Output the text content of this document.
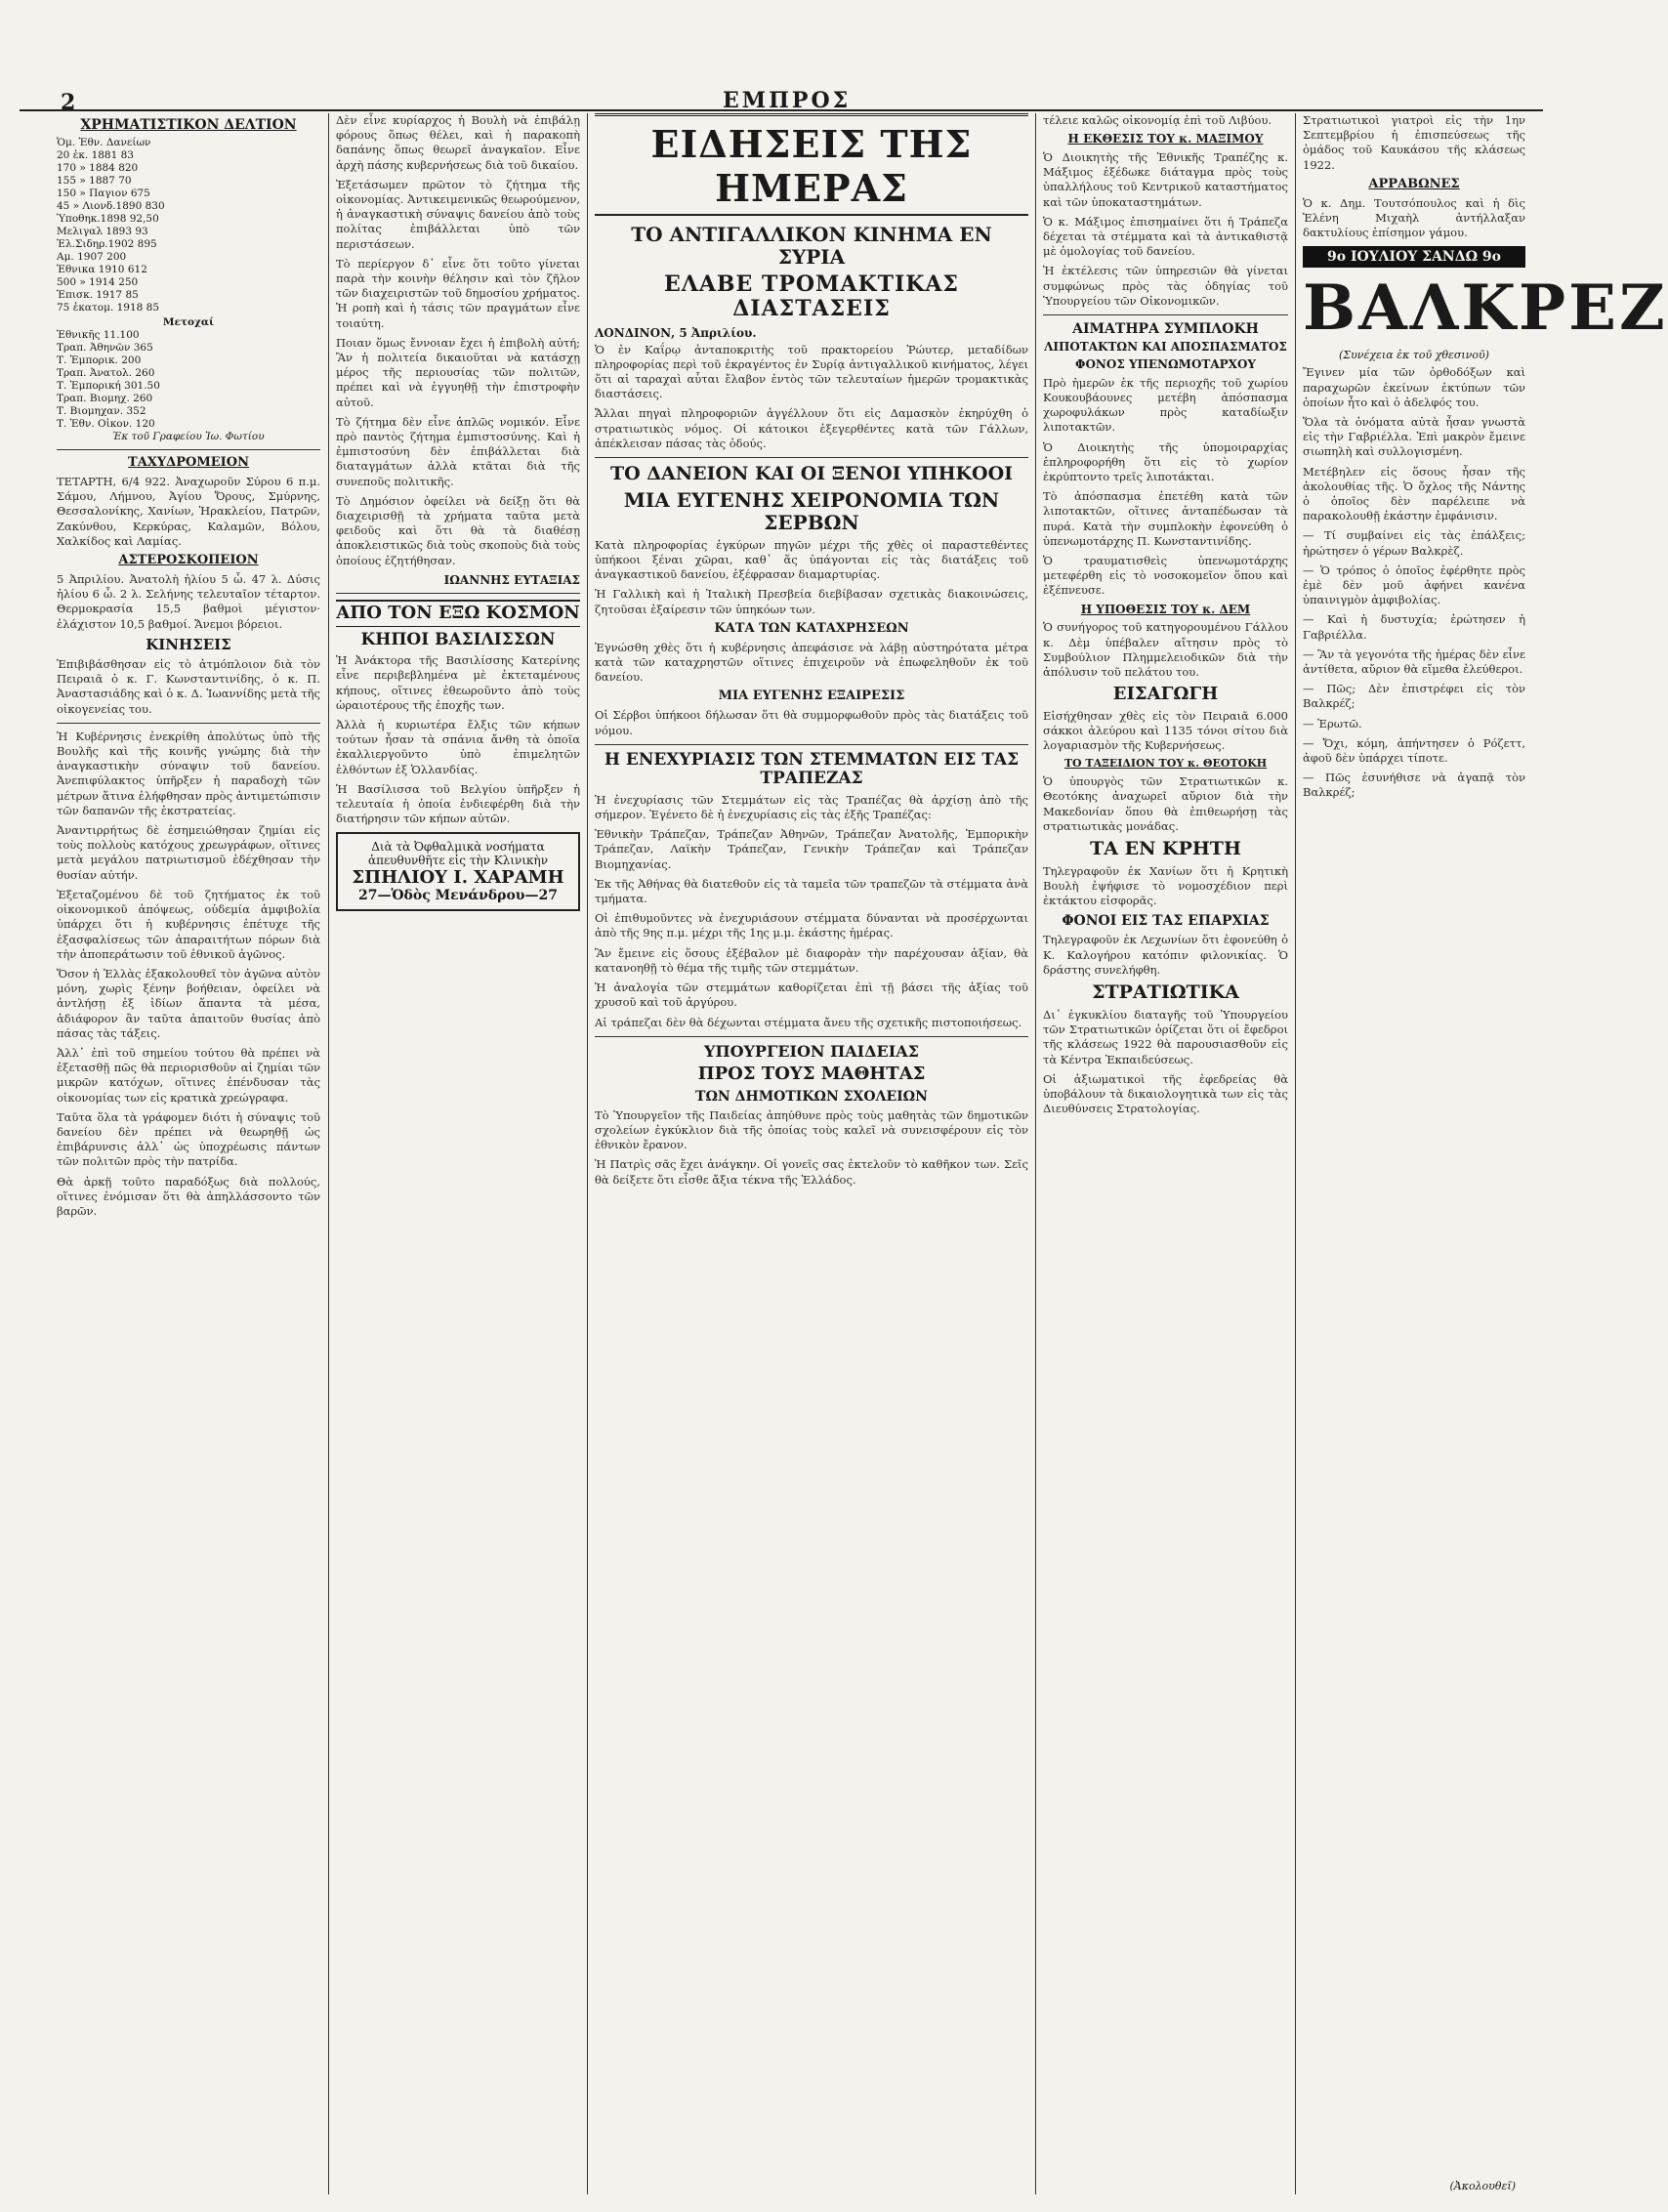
2	ΕΜΠΡΟΣ
ΧΡΗΜΑΤΙΣΤΙΚΟΝ ΔΕΛΤΙΟΝ
Ὁμ. Ἐθν. Δανείων
20 ἑκ. 1881 83
170 » 1884 820
155 » 1887 70
150 » Παγιον 675
45 » Λιονδ.1890 830
Ὑποθηκ.1898 92,50
Μελιγαλ 1893 93
Ἐλ.Σιδηρ.1902 895
Αμ. 1907 200
Ἐθνικα 1910 612
500 » 1914 250
Ἐπισκ. 1917 85
75 ἑκατομ. 1918 85
Μετοχαί
Ἐθνικῆς 11.100
Τραπ. Ἀθηνῶν 365
Τ. Ἐμπορικ. 200
Τραπ. Ἀνατολ. 260
Τ. Ἐμπορική 301.50
Τραπ. Βιομηχ. 260
Τ. Βιομηχαν. 352
Τ. Ἐθν. Οἰκον. 120
Ἐκ τοῦ Γραφείου Ἰω. Φωτίου
ΤΑΧΥΔΡΟΜΕΙΟΝ

ΤΕΤΑΡΤΗ, 6/4 922. Ἀναχωροῦν Σύρου 6 π.μ. Σάμου, Λήμνου, Ἀγίου Ὄρους, Σμύρνης, Θεσσαλονίκης, Χανίων, Ἡρακλείου, Πατρῶν, Ζακύνθου, Κερκύρας, Καλαμῶν, Βόλου, Χαλκίδος καὶ Λαμίας.

ΑΣΤΕΡΟΣΚΟΠΕΙΟΝ

5 Ἀπριλίου. Ἀνατολὴ ἡλίου 5 ὧ. 47 λ. Δύσις ἡλίου 6 ὧ. 2 λ. Σελήνης τελευταῖον τέταρτον. Θερμοκρασία 15,5 βαθμοὶ μέγιστον· ἐλάχιστον 10,5 βαθμοί. Ἄνεμοι βόρειοι.

ΚΙΝΗΣΕΙΣ

Ἐπιβιβάσθησαν εἰς τὸ ἀτμόπλοιον διὰ τὸν Πειραιᾶ ὁ κ. Γ. Κωνσταντινίδης, ὁ κ. Π. Ἀναστασιάδης καὶ ὁ κ. Δ. Ἰωαννίδης μετὰ τῆς οἰκογενείας του.

Ἡ Κυβέρνησις ἐνεκρίθη ἀπολύτως ὑπὸ τῆς Βουλῆς καὶ τῆς κοινῆς γνώμης διὰ τὴν ἀναγκαστικὴν σύναψιν τοῦ δανείου. Ἀνεπιφύλακτος ὑπῆρξεν ἡ παραδοχὴ τῶν μέτρων ἅτινα ἐλήφθησαν πρὸς ἀντιμετώπισιν τῶν δαπανῶν τῆς ἐκστρατείας.

Ἀναντιρρήτως δὲ ἐσημειώθησαν ζημίαι εἰς τοὺς πολλοὺς κατόχους χρεωγράφων, οἵτινες μετὰ μεγάλου πατριωτισμοῦ ἐδέχθησαν τὴν θυσίαν αὐτήν.

Ἐξεταζομένου δὲ τοῦ ζητήματος ἐκ τοῦ οἰκονομικοῦ ἀπόψεως, οὐδεμία ἀμφιβολία ὑπάρχει ὅτι ἡ κυβέρνησις ἐπέτυχε τῆς ἐξασφαλίσεως τῶν ἀπαραιτήτων πόρων διὰ τὴν ἀποπεράτωσιν τοῦ ἐθνικοῦ ἀγῶνος.

Ὅσον ἡ Ἑλλὰς ἐξακολουθεῖ τὸν ἀγῶνα αὐτὸν μόνη, χωρὶς ξένην βοήθειαν, ὀφείλει νὰ ἀντλήσῃ ἐξ ἰδίων ἅπαντα τὰ μέσα, ἀδιάφορον ἂν ταῦτα ἀπαιτοῦν θυσίας ἀπὸ πάσας τὰς τάξεις.

Ἀλλ᾽ ἐπὶ τοῦ σημείου τούτου θὰ πρέπει νὰ ἐξετασθῇ πῶς θὰ περιορισθοῦν αἱ ζημίαι τῶν μικρῶν κατόχων, οἵτινες ἐπένδυσαν τὰς οἰκονομίας των εἰς κρατικὰ χρεώγραφα.

Ταῦτα ὅλα τὰ γράφομεν διότι ἡ σύναψις τοῦ δανείου δὲν πρέπει νὰ θεωρηθῇ ὡς ἐπιβάρυνσις ἀλλ᾽ ὡς ὑποχρέωσις πάντων τῶν πολιτῶν πρὸς τὴν πατρίδα.

Θὰ ἀρκῇ τοῦτο παραδόξως διὰ πολλούς, οἵτινες ἐνόμισαν ὅτι θὰ ἀπηλλάσσοντο τῶν βαρῶν.

Δὲν εἶνε κυρίαρχος ἡ Βουλὴ νὰ ἐπιβάλῃ φόρους ὅπως θέλει, καὶ ἡ παρακοπὴ δαπάνης ὅπως θεωρεῖ ἀναγκαῖον. Εἶνε ἀρχὴ πάσης κυβερνήσεως διὰ τοῦ δικαίου.

Ἐξετάσωμεν πρῶτον τὸ ζήτημα τῆς οἰκονομίας. Ἀντικειμενικῶς θεωρούμενον, ἡ ἀναγκαστικὴ σύναψις δανείου ἀπὸ τοὺς πολίτας ἐπιβάλλεται ὑπὸ τῶν περιστάσεων.

Τὸ περίεργον δ᾽ εἶνε ὅτι τοῦτο γίνεται παρὰ τὴν κοινὴν θέλησιν καὶ τὸν ζῆλον τῶν διαχειριστῶν τοῦ δημοσίου χρήματος. Ἡ ροπὴ καὶ ἡ τάσις τῶν πραγμάτων εἶνε τοιαύτη.

Ποιαν ὅμως ἔννοιαν ἔχει ἡ ἐπιβολὴ αὐτή; Ἂν ἡ πολιτεία δικαιοῦται νὰ κατάσχῃ μέρος τῆς περιουσίας τῶν πολιτῶν, πρέπει καὶ νὰ ἐγγυηθῇ τὴν ἐπιστροφὴν αὐτοῦ.

Τὸ ζήτημα δὲν εἶνε ἁπλῶς νομικόν. Εἶνε πρὸ παντὸς ζήτημα ἐμπιστοσύνης. Καὶ ἡ ἐμπιστοσύνη δὲν ἐπιβάλλεται διὰ διαταγμάτων ἀλλὰ κτᾶται διὰ τῆς συνεποῦς πολιτικῆς.

Τὸ Δημόσιον ὀφείλει νὰ δείξῃ ὅτι θὰ διαχειρισθῇ τὰ χρήματα ταῦτα μετὰ φειδοῦς καὶ ὅτι θὰ τὰ διαθέσῃ ἀποκλειστικῶς διὰ τοὺς σκοποὺς διὰ τοὺς ὁποίους ἐζητήθησαν.

ΙΩΑΝΝΗΣ ΕΥΤΑΞΙΑΣ
ΑΠΟ ΤΟΝ ΕΞΩ ΚΟΣΜΟΝ
ΚΗΠΟΙ ΒΑΣΙΛΙΣΣΩΝ

Ἡ Ἀνάκτορα τῆς Βασιλίσσης Κατερίνης εἶνε περιβεβλημένα μὲ ἐκτεταμένους κήπους, οἵτινες ἐθεωροῦντο ἀπὸ τοὺς ὡραιοτέρους τῆς ἐποχῆς των.

Ἀλλὰ ἡ κυριωτέρα ἔλξις τῶν κήπων τούτων ἦσαν τὰ σπάνια ἄνθη τὰ ὁποῖα ἐκαλλιεργοῦντο ὑπὸ ἐπιμελητῶν ἐλθόντων ἐξ Ὁλλανδίας.

Ἡ Βασίλισσα τοῦ Βελγίου ὑπῆρξεν ἡ τελευταία ἡ ὁποία ἐνδιεφέρθη διὰ τὴν διατήρησιν τῶν κήπων αὐτῶν.

Διὰ τὰ Ὀφθαλμικὰ νοσήματα
ἀπευθυνθῆτε εἰς τὴν Κλινικὴν
ΣΠΗΛΙΟΥ Ι. ΧΑΡΑΜΗ
27—Ὁδὸς Μενάνδρου—27
ΕΙΔΗΣΕΙΣ ΤΗΣ ΗΜΕΡΑΣ
ΤΟ ΑΝΤΙΓΑΛΛΙΚΟΝ ΚΙΝΗΜΑ ΕΝ ΣΥΡΙΑ
ΕΛΑΒΕ ΤΡΟΜΑΚΤΙΚΑΣ ΔΙΑΣΤΑΣΕΙΣ
ΛΟΝΔΙΝΟΝ, 5 Ἀπριλίου.

Ὁ ἐν Καΐρῳ ἀνταποκριτὴς τοῦ πρακτορείου Ῥώυτερ, μεταδίδων πληροφορίας περὶ τοῦ ἐκραγέντος ἐν Συρίᾳ ἀντιγαλλικοῦ κινήματος, λέγει ὅτι αἱ ταραχαὶ αὗται ἔλαβον ἐντὸς τῶν τελευταίων ἡμερῶν τρομακτικὰς διαστάσεις.

Ἄλλαι πηγαὶ πληροφοριῶν ἀγγέλλουν ὅτι εἰς Δαμασκὸν ἐκηρύχθη ὁ στρατιωτικὸς νόμος. Οἱ κάτοικοι ἐξεγερθέντες κατὰ τῶν Γάλλων, ἀπέκλεισαν πάσας τὰς ὁδούς.

ΤΟ ΔΑΝΕΙΟΝ ΚΑΙ ΟΙ ΞΕΝΟΙ ΥΠΗΚΟΟΙ
ΜΙΑ ΕΥΓΕΝΗΣ ΧΕΙΡΟΝΟΜΙΑ ΤΩΝ ΣΕΡΒΩΝ

Κατὰ πληροφορίας ἐγκύρων πηγῶν μέχρι τῆς χθὲς οἱ παραστεθέντες ὑπήκοοι ξέναι χῶραι, καθ᾽ ἅς ὑπάγονται εἰς τὰς διατάξεις τοῦ ἀναγκαστικοῦ δανείου, ἐξέφρασαν διαμαρτυρίας.

Ἡ Γαλλικὴ καὶ ἡ Ἰταλικὴ Πρεσβεία διεβίβασαν σχετικὰς διακοινώσεις, ζητοῦσαι ἐξαίρεσιν τῶν ὑπηκόων των.

ΚΑΤΑ ΤΩΝ ΚΑΤΑΧΡΗΣΕΩΝ

Ἐγνώσθη χθὲς ὅτι ἡ κυβέρνησις ἀπεφάσισε νὰ λάβῃ αὐστηρότατα μέτρα κατὰ τῶν καταχρηστῶν οἵτινες ἐπιχειροῦν νὰ ἐπωφεληθοῦν ἐκ τοῦ δανείου.

ΜΙΑ ΕΥΓΕΝΗΣ ΕΞΑΙΡΕΣΙΣ

Οἱ Σέρβοι ὑπήκοοι δήλωσαν ὅτι θὰ συμμορφωθοῦν πρὸς τὰς διατάξεις τοῦ νόμου.

Η ΕΝΕΧΥΡΙΑΣΙΣ ΤΩΝ ΣΤΕΜΜΑΤΩΝ ΕΙΣ ΤΑΣ ΤΡΑΠΕΖΑΣ

Ἡ ἐνεχυρίασις τῶν Στεμμάτων εἰς τὰς Τραπέζας θὰ ἀρχίσῃ ἀπὸ τῆς σήμερον. Ἐγένετο δὲ ἡ ἐνεχυρίασις εἰς τὰς ἑξῆς Τραπέζας:

Ἐθνικὴν Τράπεζαν, Τράπεζαν Ἀθηνῶν, Τράπεζαν Ἀνατολῆς, Ἐμπορικὴν Τράπεζαν, Λαϊκὴν Τράπεζαν, Γενικὴν Τράπεζαν καὶ Τράπεζαν Βιομηχανίας.

Ἐκ τῆς Ἀθήνας θὰ διατεθοῦν εἰς τὰ ταμεῖα τῶν τραπεζῶν τὰ στέμματα ἀνὰ τμήματα.

Οἱ ἐπιθυμοῦντες νὰ ἐνεχυριάσουν στέμματα δύνανται νὰ προσέρχωνται ἀπὸ τῆς 9ης π.μ. μέχρι τῆς 1ης μ.μ. ἑκάστης ἡμέρας.

Ἂν ἔμεινε εἰς ὅσους ἐξέβαλον μὲ διαφορὰν τὴν παρέχουσαν ἀξίαν, θὰ κατανοηθῇ τὸ θέμα τῆς τιμῆς τῶν στεμμάτων.

Ἡ ἀναλογία τῶν στεμμάτων καθορίζεται ἐπὶ τῇ βάσει τῆς ἀξίας τοῦ χρυσοῦ καὶ τοῦ ἀργύρου.

Αἱ τράπεζαι δὲν θὰ δέχωνται στέμματα ἄνευ τῆς σχετικῆς πιστοποιήσεως.

ΥΠΟΥΡΓΕΙΟΝ ΠΑΙΔΕΙΑΣ
ΠΡΟΣ ΤΟΥΣ ΜΑΘΗΤΑΣ
ΤΩΝ ΔΗΜΟΤΙΚΩΝ ΣΧΟΛΕΙΩΝ

Τὸ Ὑπουργεῖον τῆς Παιδείας ἀπηύθυνε πρὸς τοὺς μαθητὰς τῶν δημοτικῶν σχολείων ἐγκύκλιον διὰ τῆς ὁποίας τοὺς καλεῖ νὰ συνεισφέρουν εἰς τὸν ἐθνικὸν ἔρανον.

Ἡ Πατρὶς σᾶς ἔχει ἀνάγκην. Οἱ γονεῖς σας ἐκτελοῦν τὸ καθῆκον των. Σεῖς θὰ δείξετε ὅτι εἶσθε ἄξια τέκνα τῆς Ἑλλάδος.

τέλειε καλῶς οἰκονομίᾳ ἐπὶ τοῦ Λιβύου.

Η ΕΚΘΕΣΙΣ ΤΟΥ κ. ΜΑΞΙΜΟΥ

Ὁ Διοικητὴς τῆς Ἐθνικῆς Τραπέζης κ. Μάξιμος ἐξέδωκε διάταγμα πρὸς τοὺς ὑπαλλήλους τοῦ Κεντρικοῦ καταστήματος καὶ τῶν ὑποκαταστημάτων.

Ὁ κ. Μάξιμος ἐπισημαίνει ὅτι ἡ Τράπεζα δέχεται τὰ στέμματα καὶ τὰ ἀντικαθιστᾷ μὲ ὁμολογίας τοῦ δανείου.

Ἡ ἐκτέλεσις τῶν ὑπηρεσιῶν θὰ γίνεται συμφώνως πρὸς τὰς ὁδηγίας τοῦ Ὑπουργείου τῶν Οἰκονομικῶν.

ΑΙΜΑΤΗΡΑ ΣΥΜΠΛΟΚΗ
ΛΙΠΟΤΑΚΤΩΝ ΚΑΙ ΑΠΟΣΠΑΣΜΑΤΟΣ
ΦΟΝΟΣ ΥΠΕΝΩΜΟΤΑΡΧΟΥ

Πρὸ ἡμερῶν ἐκ τῆς περιοχῆς τοῦ χωρίου Κουκουβάουνες μετέβη ἀπόσπασμα χωροφυλάκων πρὸς καταδίωξιν λιποτακτῶν.

Ὁ Διοικητὴς τῆς ὑπομοιραρχίας ἐπληροφορήθη ὅτι εἰς τὸ χωρίον ἐκρύπτοντο τρεῖς λιποτάκται.

Τὸ ἀπόσπασμα ἐπετέθη κατὰ τῶν λιποτακτῶν, οἵτινες ἀνταπέδωσαν τὰ πυρά. Κατὰ τὴν συμπλοκὴν ἐφονεύθη ὁ ὑπενωμοτάρχης Π. Κωνσταντινίδης.

Ὁ τραυματισθεὶς ὑπενωμοτάρχης μετεφέρθη εἰς τὸ νοσοκομεῖον ὅπου καὶ ἐξέπνευσε.

Η ΥΠΟΘΕΣΙΣ ΤΟΥ κ. ΔΕΜ

Ὁ συνήγορος τοῦ κατηγορουμένου Γάλλου κ. Δὲμ ὑπέβαλεν αἴτησιν πρὸς τὸ Συμβούλιον Πλημμελειοδικῶν διὰ τὴν ἀπόλυσιν τοῦ πελάτου του.

ΕΙΣΑΓΩΓΗ

Εἰσήχθησαν χθὲς εἰς τὸν Πειραιᾶ 6.000 σάκκοι ἀλεύρου καὶ 1135 τόνοι σίτου διὰ λογαριασμὸν τῆς Κυβερνήσεως.

ΤΟ ΤΑΞΕΙΔΙΟΝ ΤΟΥ κ. ΘΕΟΤΟΚΗ

Ὁ ὑπουργὸς τῶν Στρατιωτικῶν κ. Θεοτόκης ἀναχωρεῖ αὔριον διὰ τὴν Μακεδονίαν ὅπου θὰ ἐπιθεωρήσῃ τὰς στρατιωτικὰς μονάδας.

ΤΑ ΕΝ ΚΡΗΤΗ

Τηλεγραφοῦν ἐκ Χανίων ὅτι ἡ Κρητικὴ Βουλὴ ἐψήφισε τὸ νομοσχέδιον περὶ ἐκτάκτου εἰσφορᾶς.

ΦΟΝΟΙ ΕΙΣ ΤΑΣ ΕΠΑΡΧΙΑΣ

Τηλεγραφοῦν ἐκ Λεχωνίων ὅτι ἐφονεύθη ὁ Κ. Καλογήρου κατόπιν φιλονικίας. Ὁ δράστης συνελήφθη.

ΣΤΡΑΤΙΩΤΙΚΑ

Δι᾽ ἐγκυκλίου διαταγῆς τοῦ Ὑπουργείου τῶν Στρατιωτικῶν ὁρίζεται ὅτι οἱ ἔφεδροι τῆς κλάσεως 1922 θὰ παρουσιασθοῦν εἰς τὰ Κέντρα Ἐκπαιδεύσεως.

Οἱ ἀξιωματικοὶ τῆς ἐφεδρείας θὰ ὑποβάλουν τὰ δικαιολογητικὰ των εἰς τὰς Διευθύνσεις Στρατολογίας.

Στρατιωτικοὶ γιατροὶ εἰς τὴν 1ην Σεπτεμβρίου ἡ ἐπισπεύσεως τῆς ὁμάδος τοῦ Καυκάσου τῆς κλάσεως 1922.

ΑΡΡΑΒΩΝΕΣ

Ὁ κ. Δημ. Τουτσόπουλος καὶ ἡ δὶς Ἑλένη Μιχαὴλ ἀντήλλαξαν δακτυλίους ἐπίσημον γάμου.

9ο ΙΟΥΛΙΟΥ ΣΑΝΔΩ 9ο
ΒΑΛΚΡΕΖ
(Συνέχεια ἐκ τοῦ χθεσινοῦ)

Ἔγινεν μία τῶν ὀρθοδόξων καὶ παραχωρῶν ἐκείνων ἐκτύπων τῶν ὁποίων ἦτο καὶ ὁ ἀδελφός του.

Ὅλα τὰ ὀνόματα αὐτὰ ἦσαν γνωστὰ εἰς τὴν Γαβριέλλα. Ἐπὶ μακρὸν ἔμεινε σιωπηλὴ καὶ συλλογισμένη.

Μετέβηλεν εἰς ὅσους ἦσαν τῆς ἀκολουθίας τῆς. Ὁ ὄχλος τῆς Νάντης ὁ ὁποῖος δὲν παρέλειπε νὰ παρακολουθῇ ἑκάστην ἐμφάνισιν.

— Τί συμβαίνει εἰς τὰς ἐπάλξεις; ἠρώτησεν ὁ γέρων Βαλκρὲζ.

— Ὁ τρόπος ὁ ὁποῖος ἐφέρθητε πρὸς ἐμὲ δὲν μοῦ ἀφήνει κανένα ὑπαινιγμὸν ἀμφιβολίας.

— Καὶ ἡ δυστυχία; ἐρώτησεν ἡ Γαβριέλλα.

— Ἂν τὰ γεγονότα τῆς ἡμέρας δὲν εἶνε ἀντίθετα, αὔριον θὰ εἴμεθα ἐλεύθεροι.

— Πῶς; Δὲν ἐπιστρέφει εἰς τὸν Βαλκρέζ;

— Ἐρωτῶ.

— Ὄχι, κόμη, ἀπήντησεν ὁ Ρόζεττ, ἀφοῦ δὲν ὑπάρχει τίποτε.

— Πῶς ἐσυνήθισε νὰ ἀγαπᾷ τὸν Βαλκρέζ;

(Ἀκολουθεῖ)
